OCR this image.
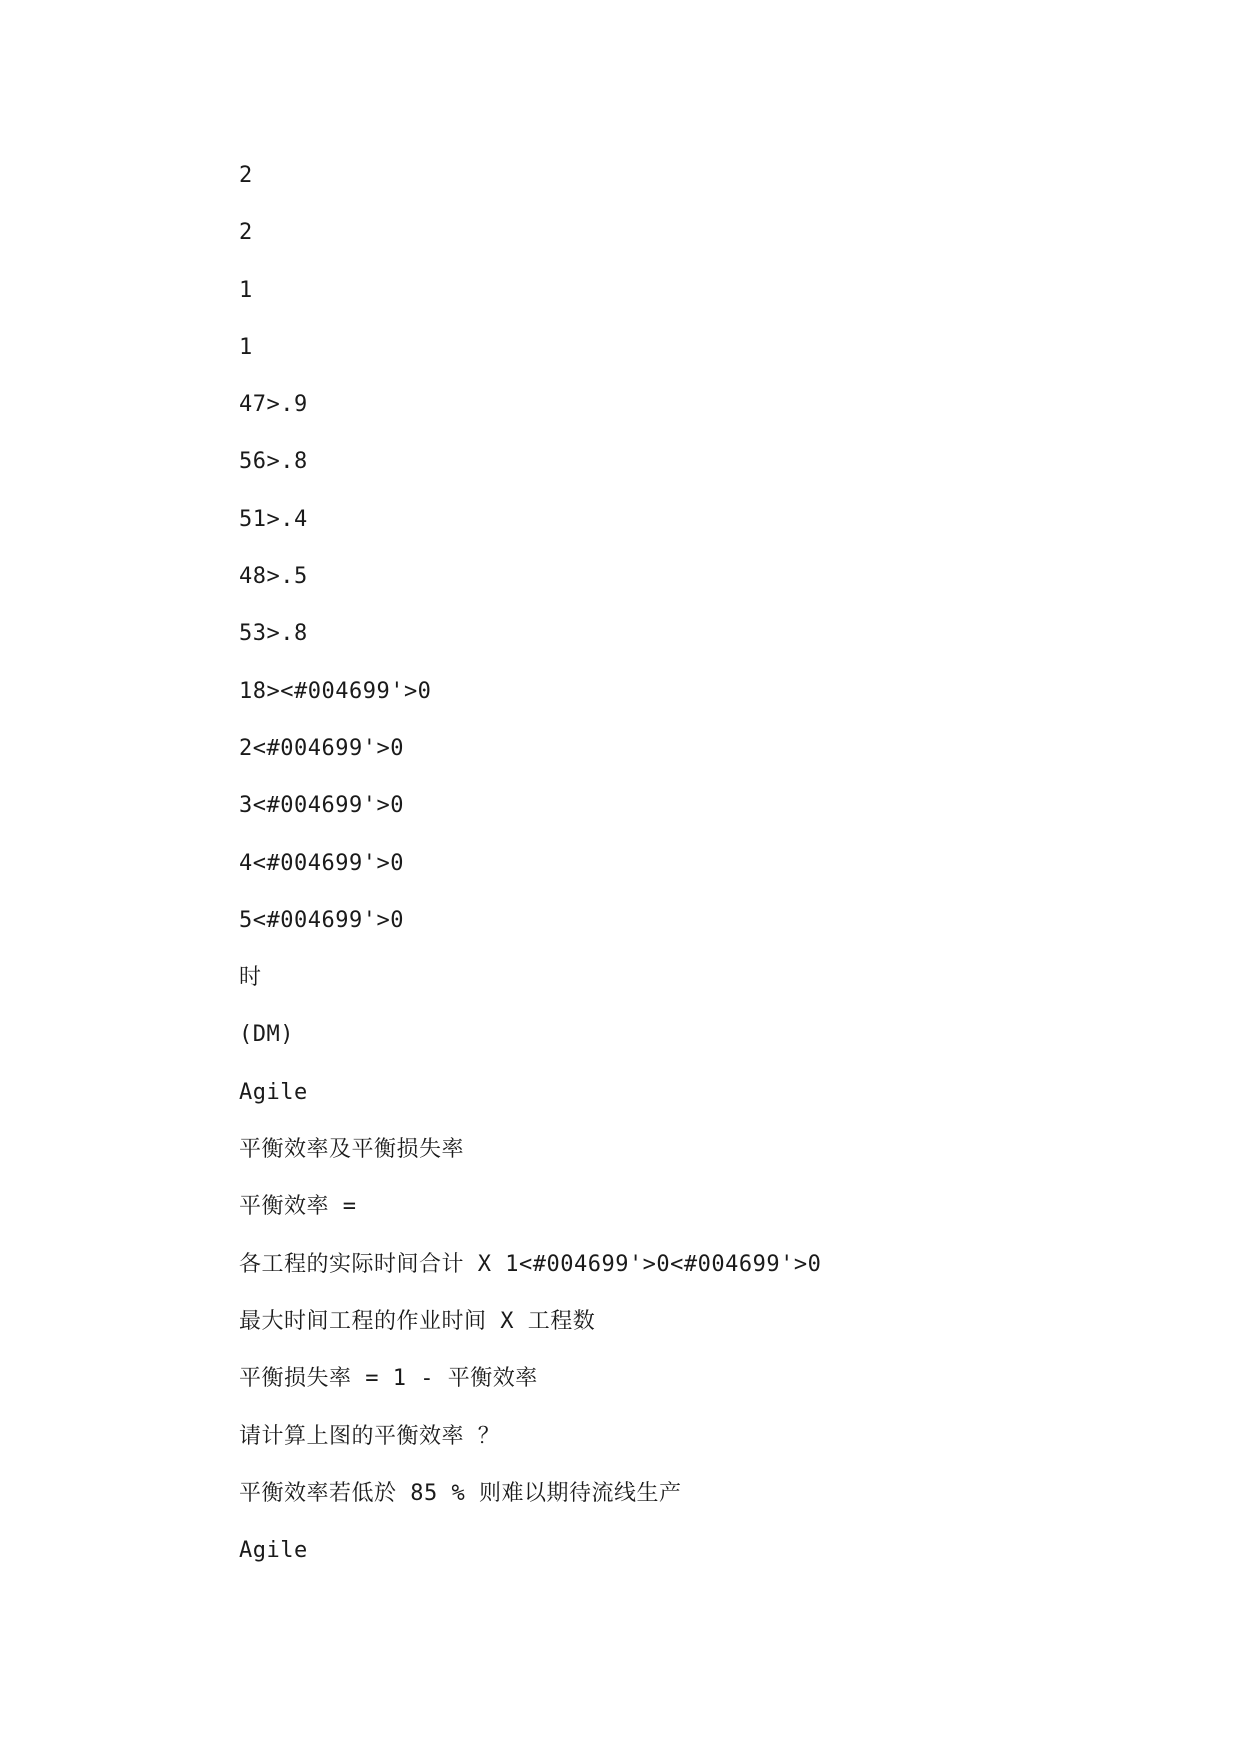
2
2
1
1
47>.9
56>.8
51>.4
48>.5
53>.8
18><#004699'>0
2<#004699'>0
3<#004699'>0
4<#004699'>0
5<#004699'>0
时
(DM)
Agile
平衡效率及平衡损失率
平衡效率 =
各工程的实际时间合计 X 1<#004699'>0<#004699'>0
最大时间工程的作业时间 X 工程数
平衡损失率 = 1 - 平衡效率
请计算上图的平衡效率 ？
平衡效率若低於 85 % 则难以期待流线生产
Agile
